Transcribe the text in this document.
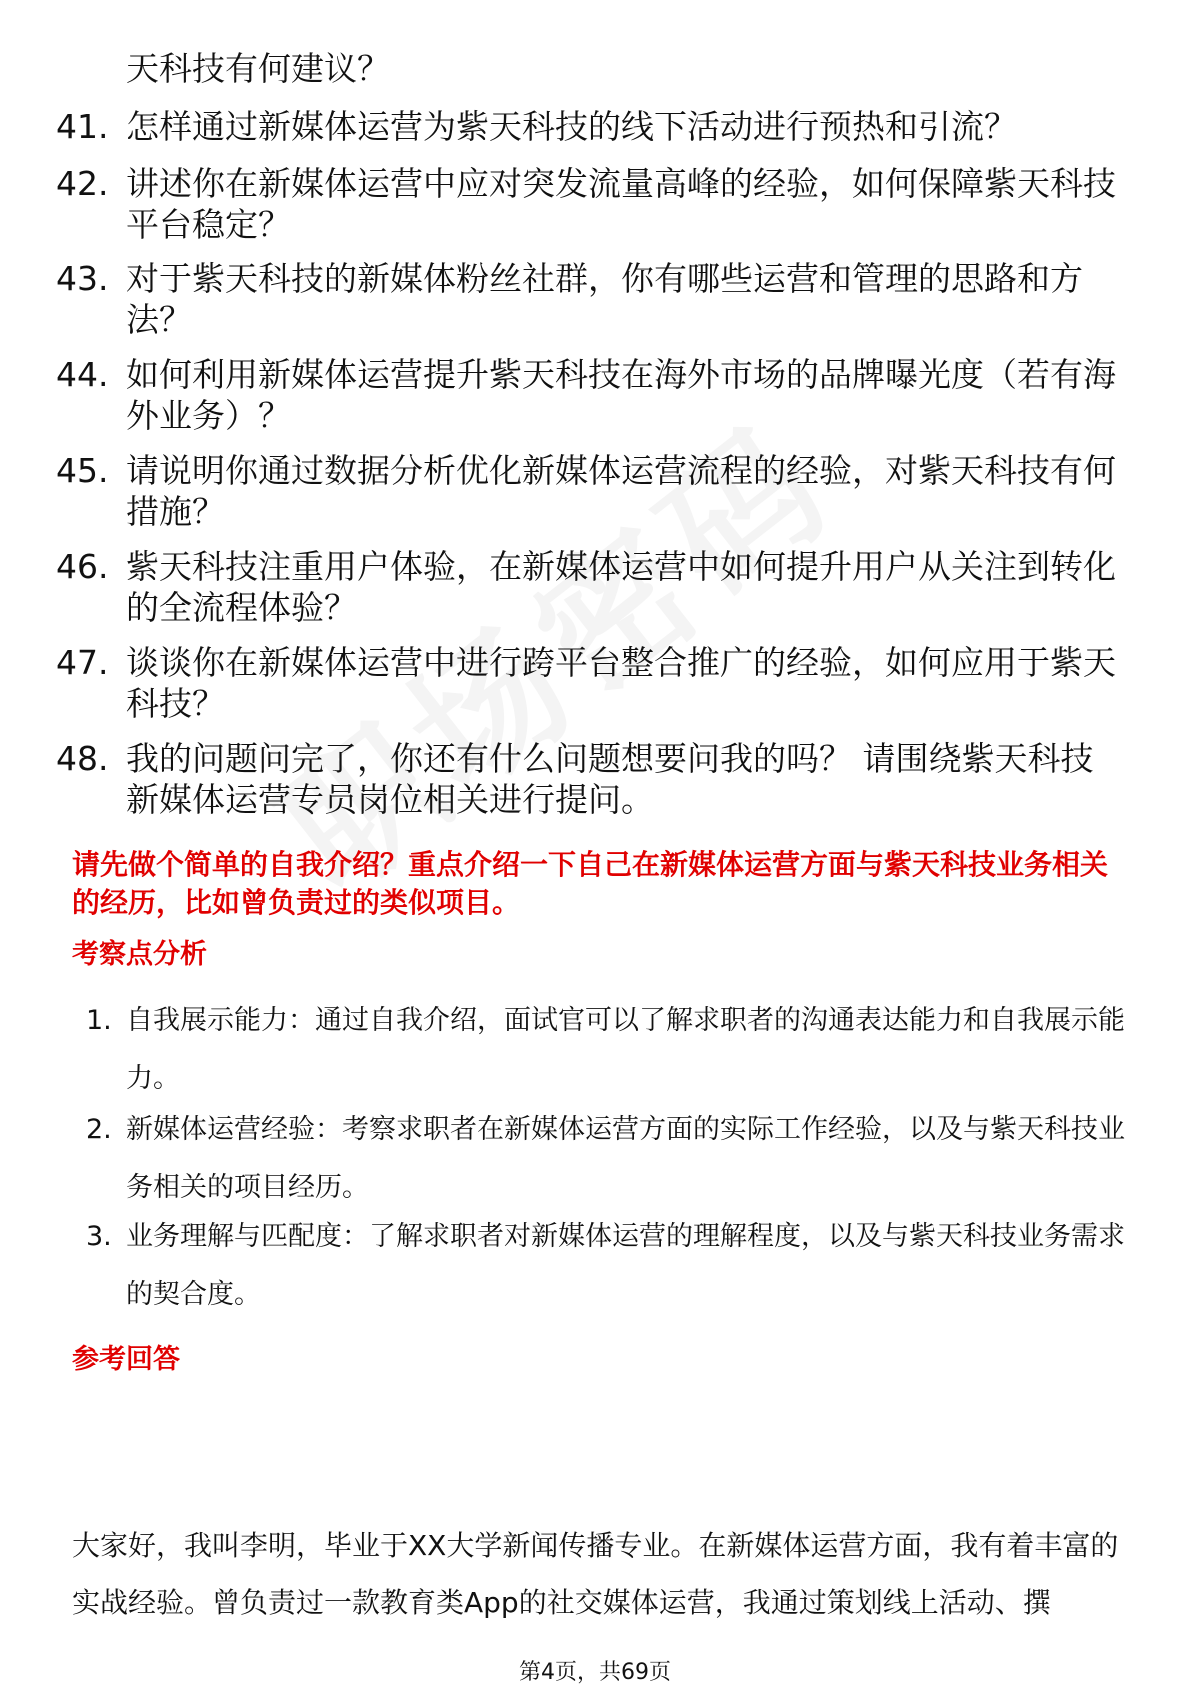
天科技有何建议？
41. 怎样通过新媒体运营为紫天科技的线下活动进行预热和引流？
42. 讲述你在新媒体运营中应对突发流量高峰的经验，如何保障紫天科技平台稳定？
43. 对于紫天科技的新媒体粉丝社群，你有哪些运营和管理的思路和方法？
44. 如何利用新媒体运营提升紫天科技在海外市场的品牌曝光度（若有海外业务）？
45. 请说明你通过数据分析优化新媒体运营流程的经验，对紫天科技有何措施？
46. 紫天科技注重用户体验，在新媒体运营中如何提升用户从关注到转化的全流程体验？
47. 谈谈你在新媒体运营中进行跨平台整合推广的经验，如何应用于紫天科技？
48. 我的问题问完了，你还有什么问题想要问我的吗？ 请围绕紫天科技新媒体运营专员岗位相关进行提问。
请先做个简单的自我介绍？重点介绍一下自己在新媒体运营方面与紫天科技业务相关的经历，比如曾负责过的类似项目。
考察点分析
1. 自我展示能力：通过自我介绍，面试官可以了解求职者的沟通表达能力和自我展示能力。
2. 新媒体运营经验：考察求职者在新媒体运营方面的实际工作经验，以及与紫天科技业务相关的项目经历。
3. 业务理解与匹配度：了解求职者对新媒体运营的理解程度，以及与紫天科技业务需求的契合度。
参考回答
大家好，我叫李明，毕业于XX大学新闻传播专业。在新媒体运营方面，我有着丰富的实战经验。曾负责过一款教育类App的社交媒体运营，我通过策划线上活动、撰
第4页，共69页
